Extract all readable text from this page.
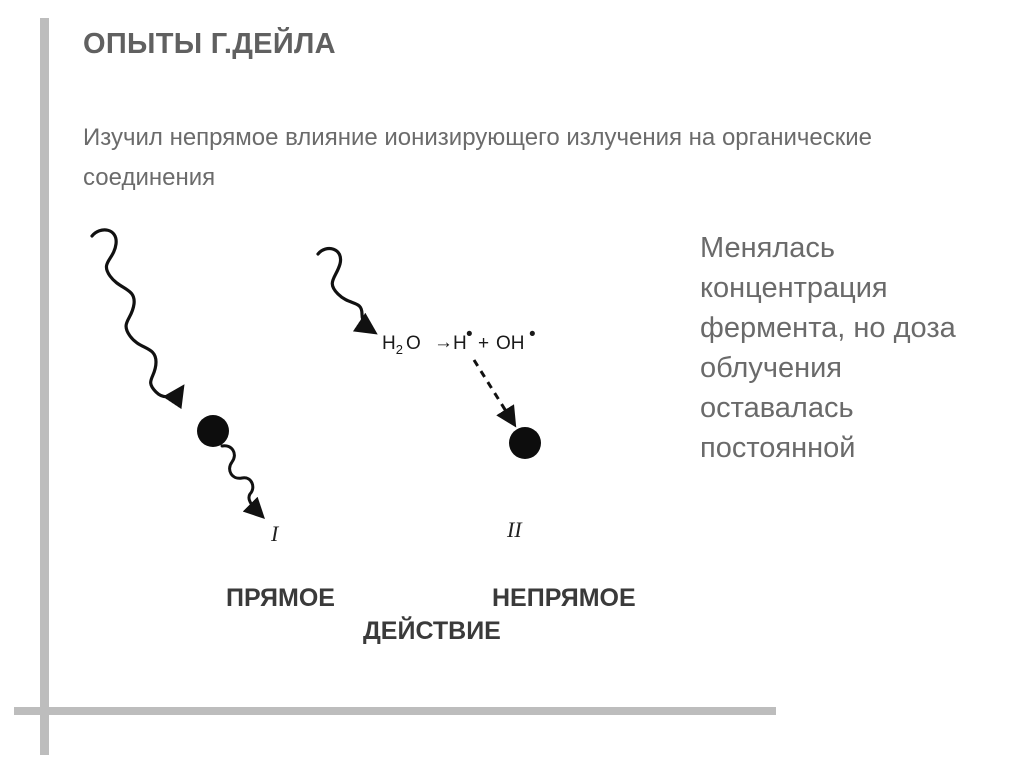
ОПЫТЫ Г.ДЕЙЛА

Изучил непрямое влияние ионизирующего излучения на органические соединения

I
$H_2$ O → H • + OH •
II

Менялась концентрация фермента, но доза облучения оставалась постоянной

ПРЯМОЕ	НЕПРЯМОЕ
ДЕЙСТВИЕ
